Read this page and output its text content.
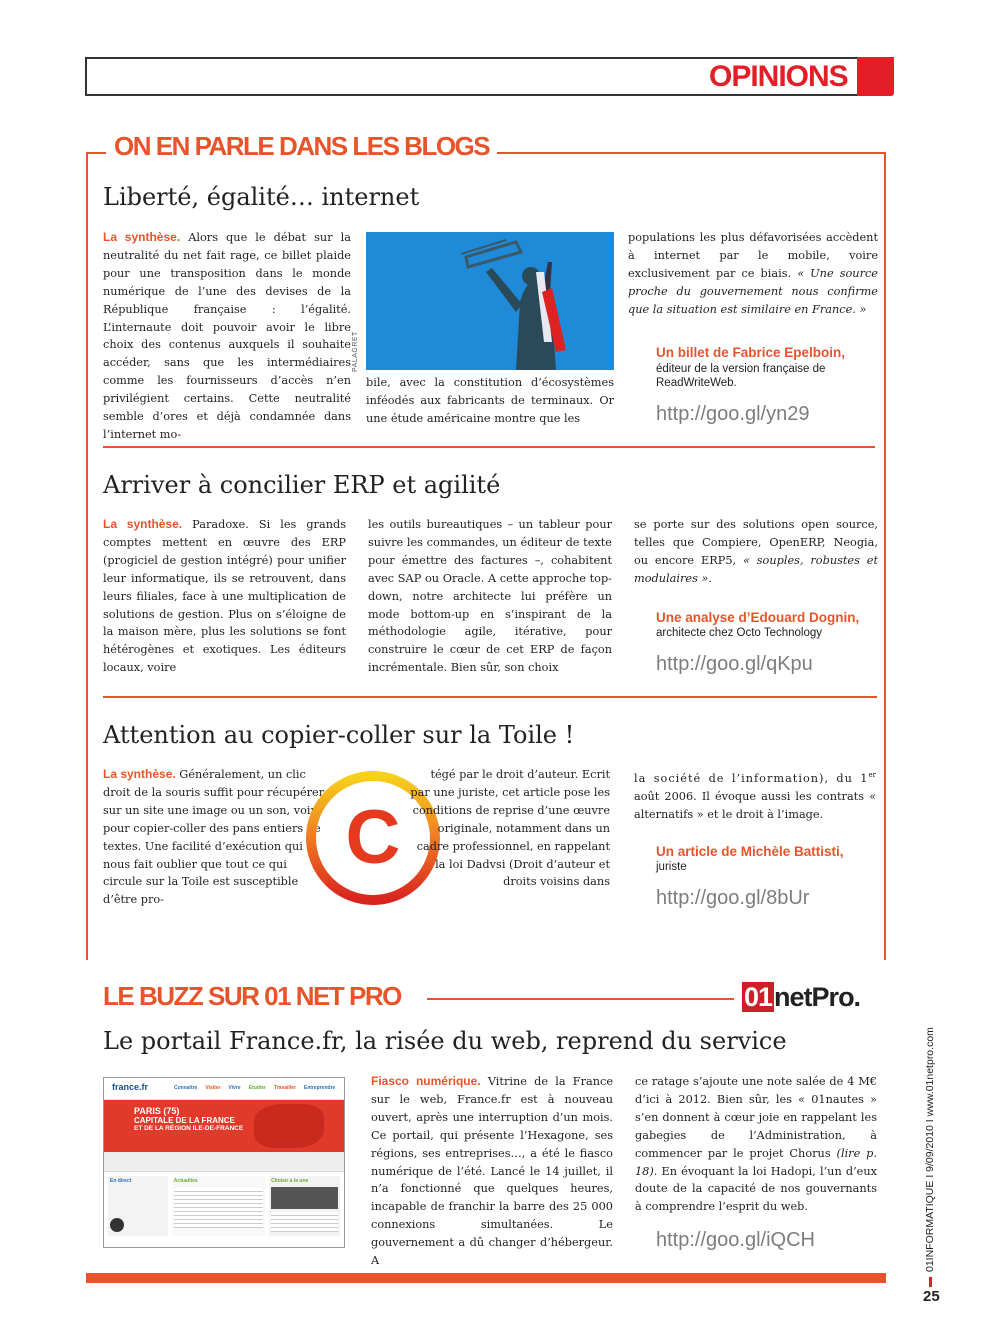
OPINIONS
ON EN PARLE DANS LES BLOGS
Liberté, égalité… internet
La synthèse. Alors que le débat sur la neutralité du net fait rage, ce billet plaide pour une transposition dans le monde numérique de l’une des devises de la République française : l’égalité. L’internaute doit pouvoir avoir le libre choix des contenus auxquels il souhaite accéder, sans que les intermédiaires comme les fournisseurs d’accès n’en privilégient certains. Cette neutralité semble d’ores et déjà condamnée dans l’internet mo-
PALAGRET
bile, avec la constitution d’écosystèmes inféodés aux fabricants de terminaux. Or une étude américaine montre que les
populations les plus défavorisées accèdent à internet par le mobile, voire exclusivement par ce biais. « Une source proche du gouvernement nous confirme que la situation est similaire en France. »
Un billet de Fabrice Epelboin,
éditeur de la version française de ReadWriteWeb.
http://goo.gl/yn29
Arriver à concilier ERP et agilité
La synthèse. Paradoxe. Si les grands comptes mettent en œuvre des ERP (progiciel de gestion intégré) pour unifier leur informatique, ils se retrouvent, dans leurs filiales, face à une multiplication de solutions de gestion. Plus on s’éloigne de la maison mère, plus les solutions se font hétérogènes et exotiques. Les éditeurs locaux, voire
les outils bureautiques – un tableur pour suivre les commandes, un éditeur de texte pour émettre des factures –, cohabitent avec SAP ou Oracle. A cette approche top-down, notre architecte lui préfère un mode bottom-up en s’inspirant de la méthodologie agile, itérative, pour construire le cœur de cet ERP de façon incrémentale. Bien sûr, son choix
se porte sur des solutions open source, telles que Compiere, OpenERP, Neogia, ou encore ERP5, « souples, robustes et modulaires ».
Une analyse d’Edouard Dognin,
architecte chez Octo Technology
http://goo.gl/qKpu
Attention au copier-coller sur la Toile !
La synthèse. Généralement, un clic droit de la souris suffit pour récupérer sur un site une image ou un son, voire pour copier-coller des pans entiers de textes. Une facilité d’exécution qui nous fait oublier que tout ce qui circule sur la Toile est susceptible d’être pro-
C
tégé par le droit d’auteur. Ecrit par une juriste, cet article pose les conditions de reprise d’une œuvre originale, notamment dans un cadre professionnel, en rappelant la loi Dadvsi (Droit d’auteur et droits voisins dans
la société de l’information), du 1er août 2006. Il évoque aussi les contrats « alternatifs » et le droit à l’image.
Un article de Michèle Battisti,
juriste
http://goo.gl/8bUr
LE BUZZ SUR 01 NET PRO	01netPro.
Le portail France.fr, la risée du web, reprend du service
france.fr	Connaître Visiter Vivre Etudier Travailler Entreprendre
PARIS (75)
CAPITALE DE LA FRANCE
ET DE LA RÉGION ILE-DE-FRANCE
En direct	Actualités	Choisir à la une
Fiasco numérique. Vitrine de la France sur le web, France.fr est à nouveau ouvert, après une interruption d’un mois. Ce portail, qui présente l’Hexagone, ses régions, ses entreprises…, a été le fiasco numérique de l’été. Lancé le 14 juillet, il n’a fonctionné que quelques heures, incapable de franchir la barre des 25 000 connexions simultanées. Le gouvernement a dû changer d’hébergeur. A
ce ratage s’ajoute une note salée de 4 M€ d’ici à 2012. Bien sûr, les « 01nautes » s’en donnent à cœur joie en rappelant les gabegies de l’Administration, à commencer par le projet Chorus (lire p. 18). En évoquant la loi Hadopi, l’un d’eux doute de la capacité de nos gouvernants à comprendre l’esprit du web.
http://goo.gl/iQCH	01INFORMATIQUE I 9/09/2010 I www.01netpro.com
25
